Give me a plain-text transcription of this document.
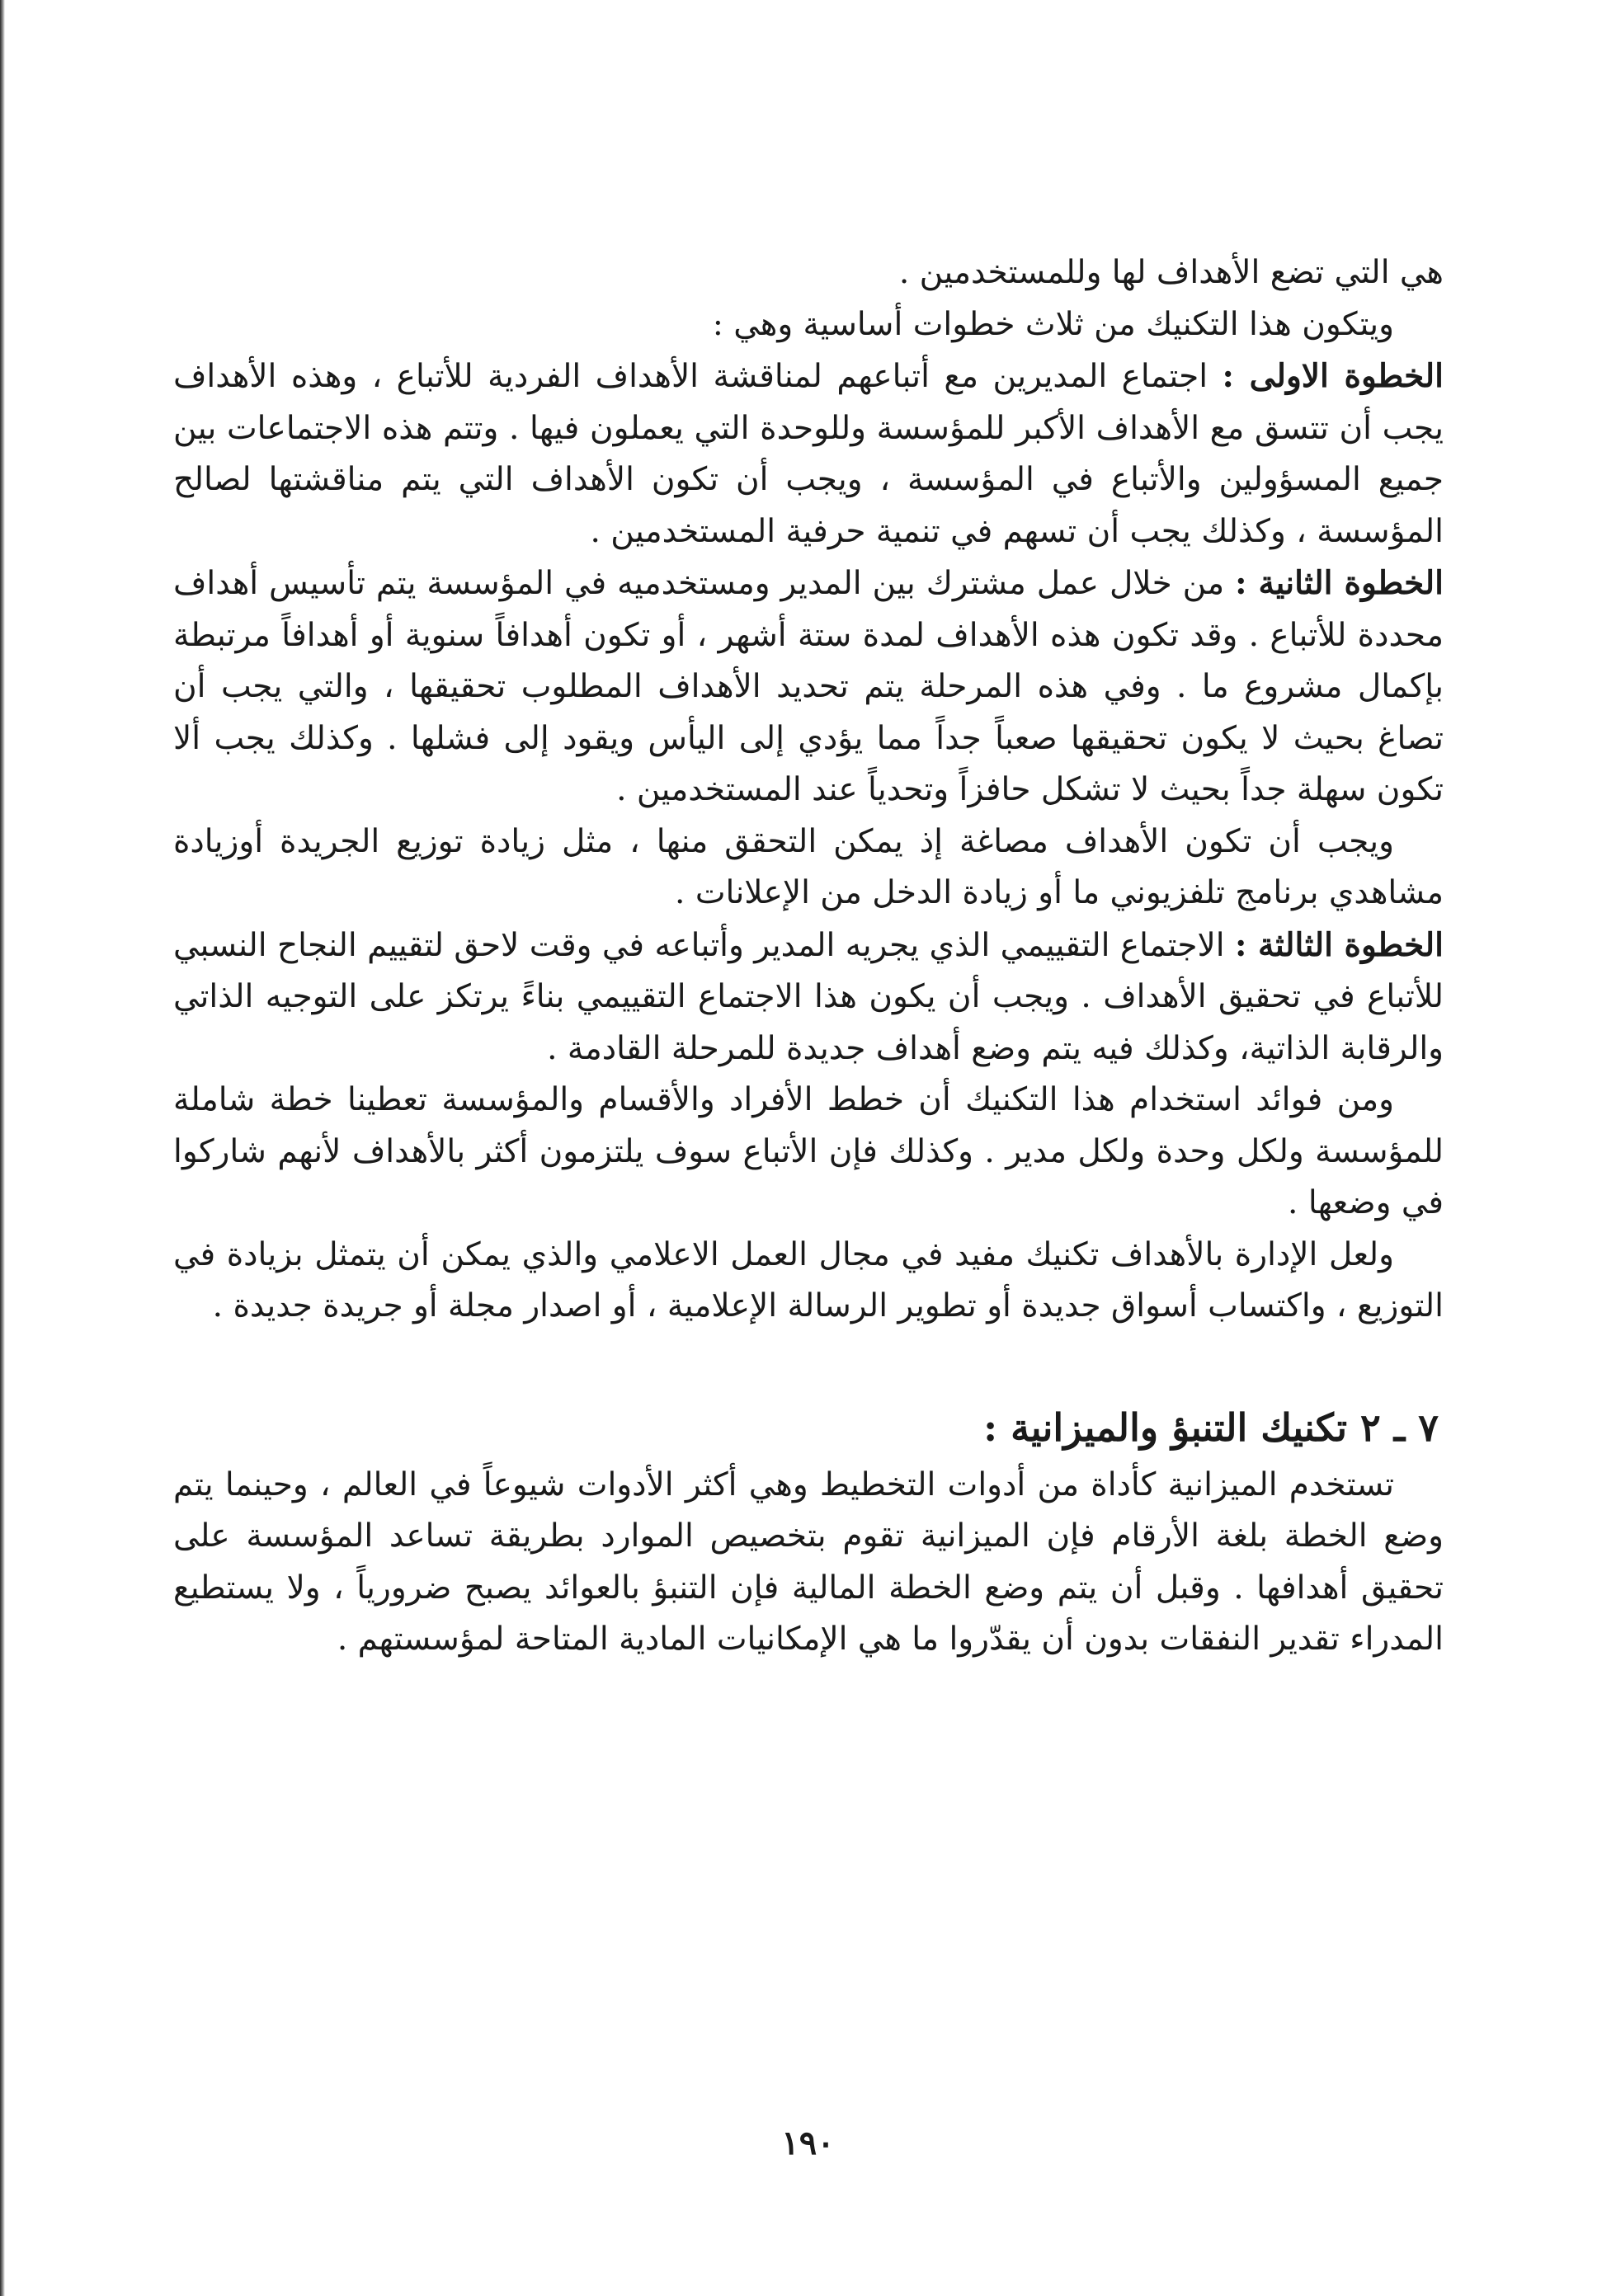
هي التي تضع الأهداف لها وللمستخدمين .

ويتكون هذا التكنيك من ثلاث خطوات أساسية وهي :

الخطوة الاولى : اجتماع المديرين مع أتباعهم لمناقشة الأهداف الفردية للأتباع ، وهذه الأهداف يجب أن تتسق مع الأهداف الأكبر للمؤسسة وللوحدة التي يعملون فيها . وتتم هذه الاجتماعات بين جميع المسؤولين والأتباع في المؤسسة ، ويجب أن تكون الأهداف التي يتم مناقشتها لصالح المؤسسة ، وكذلك يجب أن تسهم في تنمية حرفية المستخدمين .

الخطوة الثانية : من خلال عمل مشترك بين المدير ومستخدميه في المؤسسة يتم تأسيس أهداف محددة للأتباع . وقد تكون هذه الأهداف لمدة ستة أشهر ، أو تكون أهدافاً سنوية أو أهدافاً مرتبطة بإكمال مشروع ما . وفي هذه المرحلة يتم تحديد الأهداف المطلوب تحقيقها ، والتي يجب أن تصاغ بحيث لا يكون تحقيقها صعباً جداً مما يؤدي إلى اليأس ويقود إلى فشلها . وكذلك يجب ألا تكون سهلة جداً بحيث لا تشكل حافزاً وتحدياً عند المستخدمين .

ويجب أن تكون الأهداف مصاغة إذ يمكن التحقق منها ، مثل زيادة توزيع الجريدة أوزيادة مشاهدي برنامج تلفزيوني ما أو زيادة الدخل من الإعلانات .

الخطوة الثالثة : الاجتماع التقييمي الذي يجريه المدير وأتباعه في وقت لاحق لتقييم النجاح النسبي للأتباع في تحقيق الأهداف . ويجب أن يكون هذا الاجتماع التقييمي بناءً يرتكز على التوجيه الذاتي والرقابة الذاتية، وكذلك فيه يتم وضع أهداف جديدة للمرحلة القادمة .

ومن فوائد استخدام هذا التكنيك أن خطط الأفراد والأقسام والمؤسسة تعطينا خطة شاملة للمؤسسة ولكل وحدة ولكل مدير . وكذلك فإن الأتباع سوف يلتزمون أكثر بالأهداف لأنهم شاركوا في وضعها .

ولعل الإدارة بالأهداف تكنيك مفيد في مجال العمل الاعلامي والذي يمكن أن يتمثل بزيادة في التوزيع ، واكتساب أسواق جديدة أو تطوير الرسالة الإعلامية ، أو اصدار مجلة أو جريدة جديدة .

٧ ـ ٢ تكنيك التنبؤ والميزانية :

تستخدم الميزانية كأداة من أدوات التخطيط وهي أكثر الأدوات شيوعاً في العالم ، وحينما يتم وضع الخطة بلغة الأرقام فإن الميزانية تقوم بتخصيص الموارد بطريقة تساعد المؤسسة على تحقيق أهدافها . وقبل أن يتم وضع الخطة المالية فإن التنبؤ بالعوائد يصبح ضرورياً ، ولا يستطيع المدراء تقدير النفقات بدون أن يقدّروا ما هي الإمكانيات المادية المتاحة لمؤسستهم .

١٩٠
